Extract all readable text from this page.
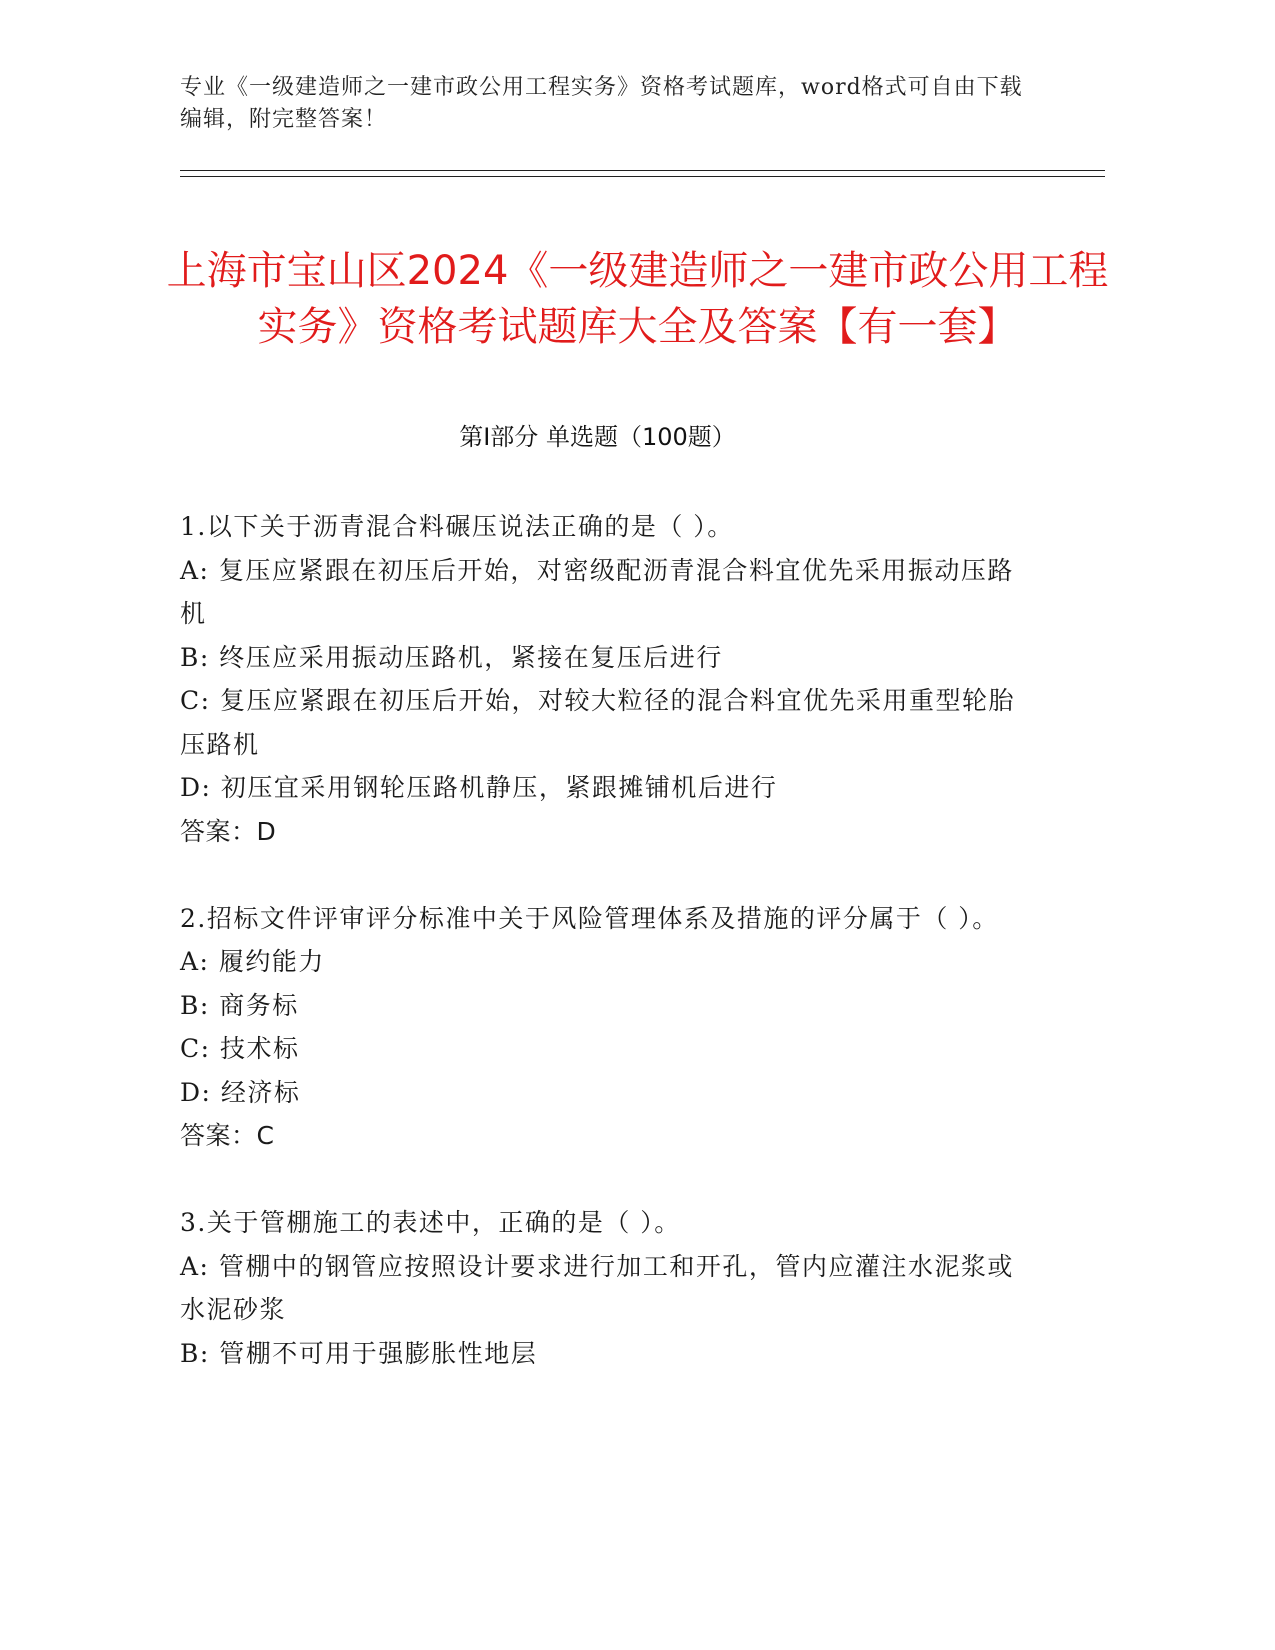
专业《一级建造师之一建市政公用工程实务》资格考试题库，word格式可自由下载编辑，附完整答案！
上海市宝山区2024《一级建造师之一建市政公用工程实务》资格考试题库大全及答案【有一套】
第Ⅰ部分 单选题（100题）
1.以下关于沥青混合料碾压说法正确的是（ ）。
A: 复压应紧跟在初压后开始，对密级配沥青混合料宜优先采用振动压路机
B: 终压应采用振动压路机，紧接在复压后进行
C: 复压应紧跟在初压后开始，对较大粒径的混合料宜优先采用重型轮胎压路机
D: 初压宜采用钢轮压路机静压，紧跟摊铺机后进行
答案：D
2.招标文件评审评分标准中关于风险管理体系及措施的评分属于（ ）。
A: 履约能力
B: 商务标
C: 技术标
D: 经济标
答案：C
3.关于管棚施工的表述中，正确的是（ ）。
A: 管棚中的钢管应按照设计要求进行加工和开孔，管内应灌注水泥浆或水泥砂浆
B: 管棚不可用于强膨胀性地层
